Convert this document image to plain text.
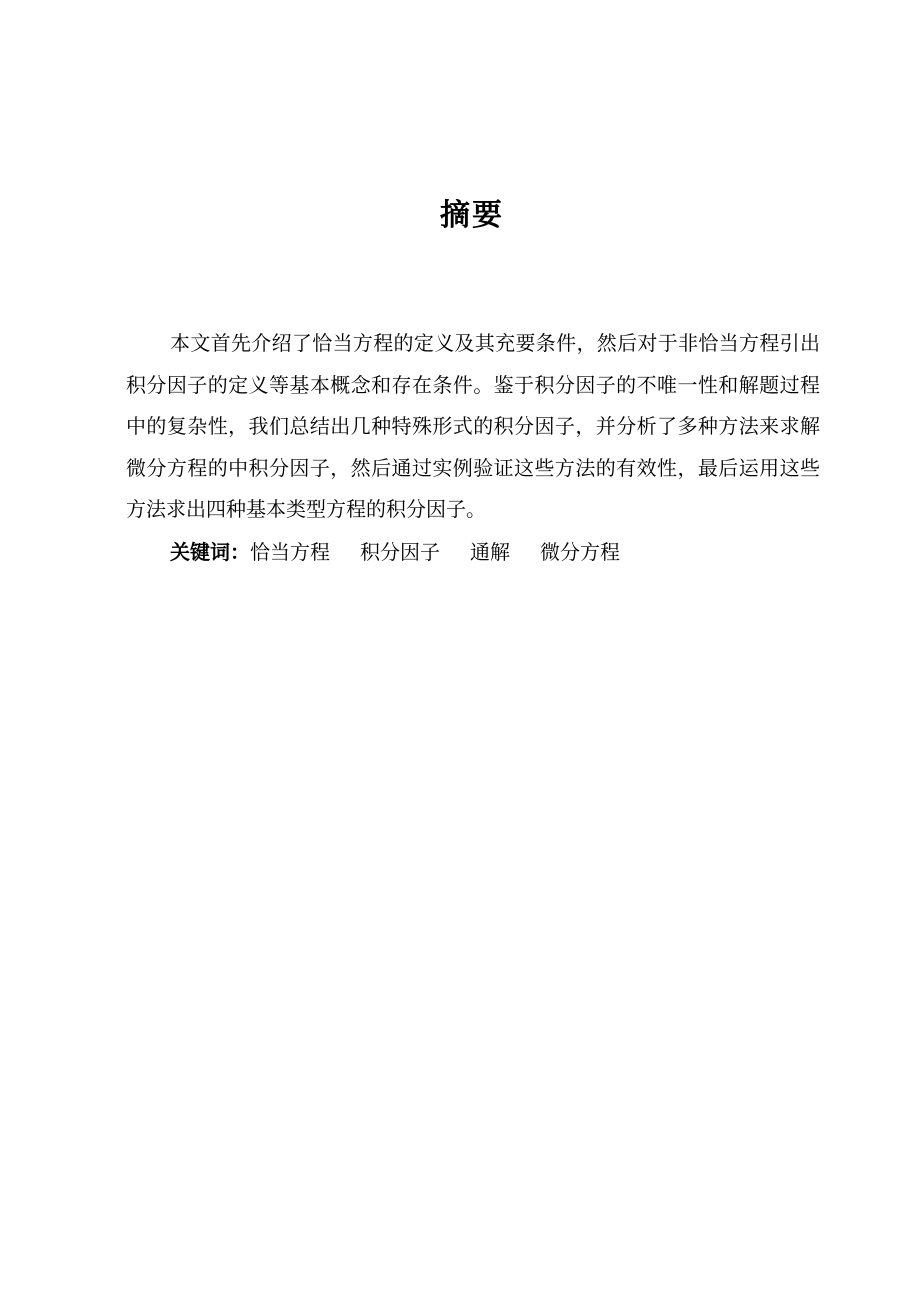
摘要

本文首先介绍了恰当方程的定义及其充要条件，然后对于非恰当方程引出积分因子的定义等基本概念和存在条件。鉴于积分因子的不唯一性和解题过程中的复杂性，我们总结出几种特殊形式的积分因子，并分析了多种方法来求解微分方程的中积分因子，然后通过实例验证这些方法的有效性，最后运用这些方法求出四种基本类型方程的积分因子。

关键词：恰当方程 积分因子 通解 微分方程
